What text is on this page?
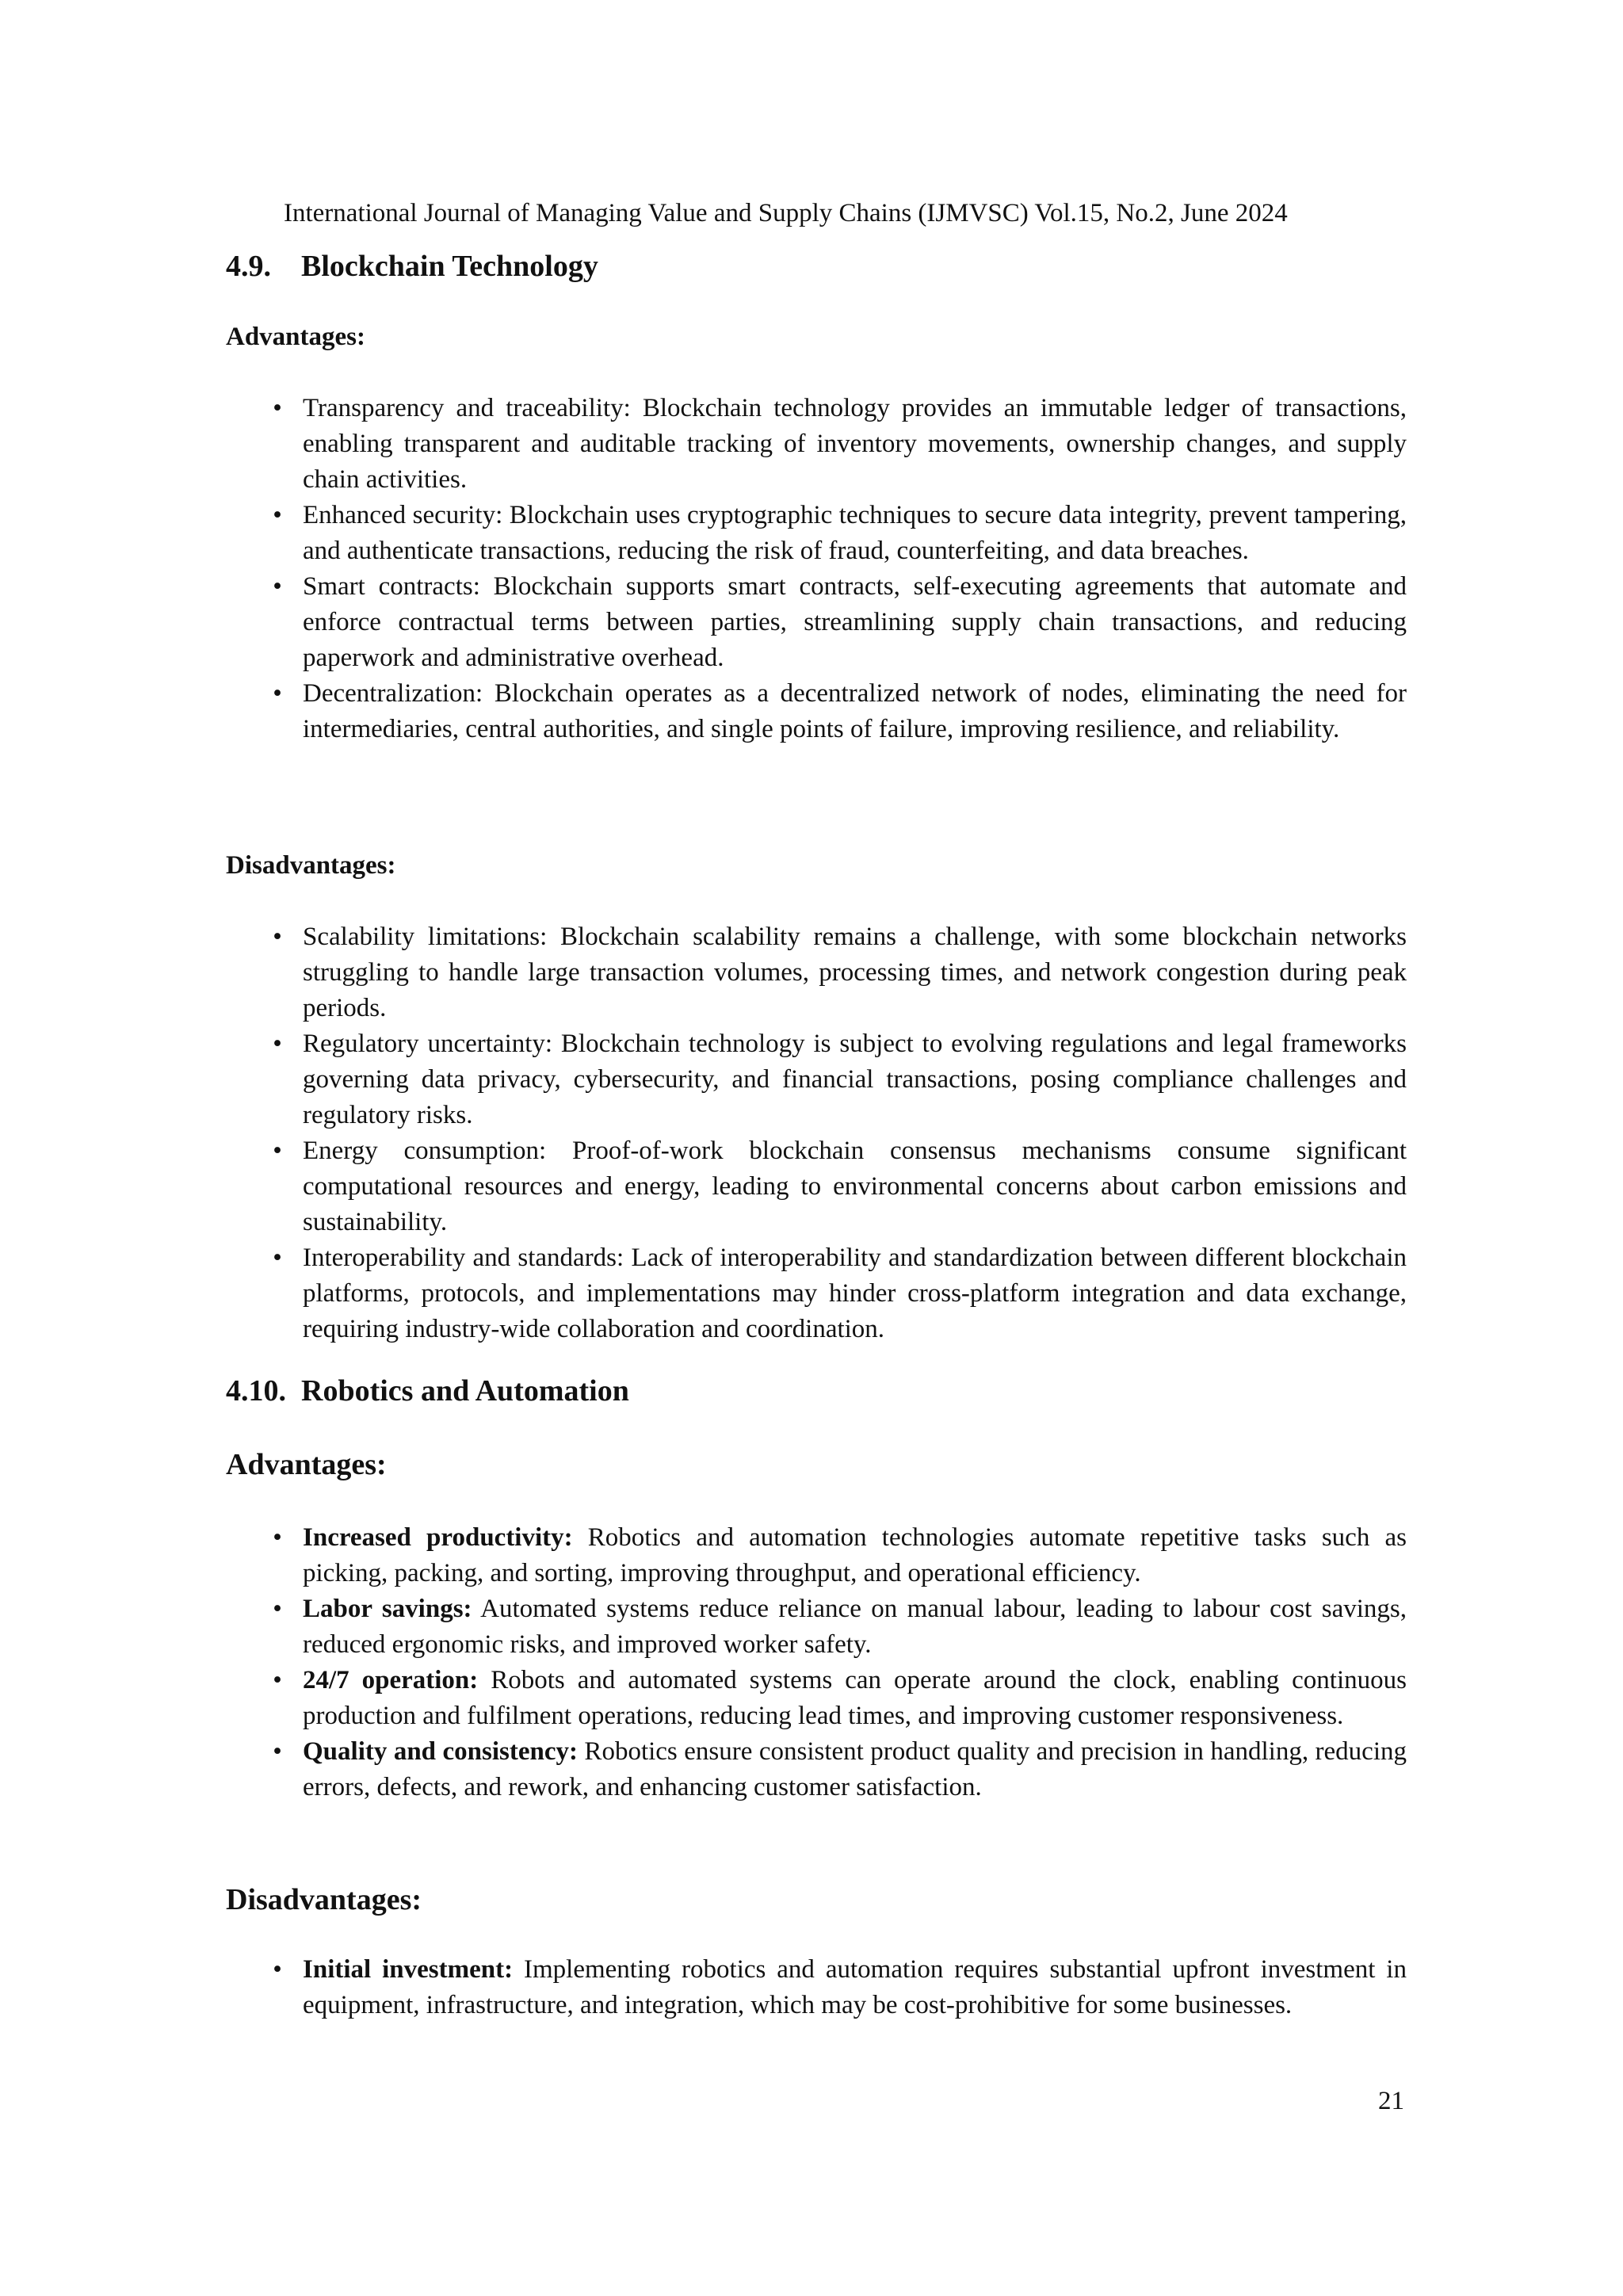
International Journal of Managing Value and Supply Chains (IJMVSC) Vol.15, No.2, June 2024
4.9. Blockchain Technology
Advantages:
• Transparency and traceability: Blockchain technology provides an immutable ledger of transactions, enabling transparent and auditable tracking of inventory movements, ownership changes, and supply chain activities.
• Enhanced security: Blockchain uses cryptographic techniques to secure data integrity, prevent tampering, and authenticate transactions, reducing the risk of fraud, counterfeiting, and data breaches.
• Smart contracts: Blockchain supports smart contracts, self-executing agreements that automate and enforce contractual terms between parties, streamlining supply chain transactions, and reducing paperwork and administrative overhead.
• Decentralization: Blockchain operates as a decentralized network of nodes, eliminating the need for intermediaries, central authorities, and single points of failure, improving resilience, and reliability.
Disadvantages:
• Scalability limitations: Blockchain scalability remains a challenge, with some blockchain networks struggling to handle large transaction volumes, processing times, and network congestion during peak periods.
• Regulatory uncertainty: Blockchain technology is subject to evolving regulations and legal frameworks governing data privacy, cybersecurity, and financial transactions, posing compliance challenges and regulatory risks.
• Energy consumption: Proof-of-work blockchain consensus mechanisms consume significant computational resources and energy, leading to environmental concerns about carbon emissions and sustainability.
• Interoperability and standards: Lack of interoperability and standardization between different blockchain platforms, protocols, and implementations may hinder cross-platform integration and data exchange, requiring industry-wide collaboration and coordination.
4.10. Robotics and Automation
Advantages:
• Increased productivity: Robotics and automation technologies automate repetitive tasks such as picking, packing, and sorting, improving throughput, and operational efficiency.
• Labor savings: Automated systems reduce reliance on manual labour, leading to labour cost savings, reduced ergonomic risks, and improved worker safety.
• 24/7 operation: Robots and automated systems can operate around the clock, enabling continuous production and fulfilment operations, reducing lead times, and improving customer responsiveness.
• Quality and consistency: Robotics ensure consistent product quality and precision in handling, reducing errors, defects, and rework, and enhancing customer satisfaction.
Disadvantages:
• Initial investment: Implementing robotics and automation requires substantial upfront investment in equipment, infrastructure, and integration, which may be cost-prohibitive for some businesses.
21
